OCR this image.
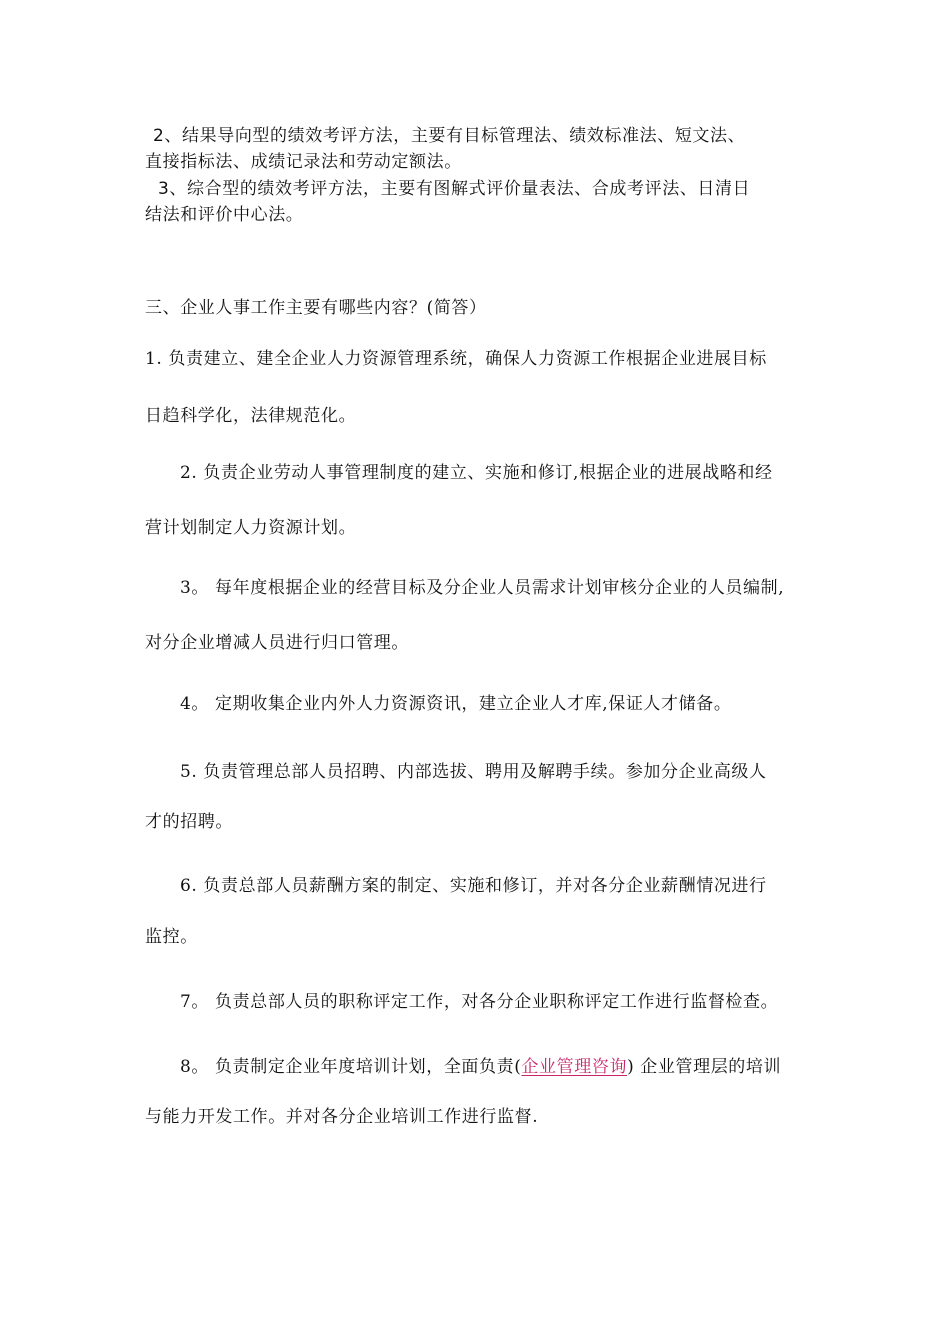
2、结果导向型的绩效考评方法，主要有目标管理法、绩效标准法、短文法、
直接指标法、成绩记录法和劳动定额法。
3、综合型的绩效考评方法，主要有图解式评价量表法、合成考评法、日清日
结法和评价中心法。
三、企业人事工作主要有哪些内容？(简答）
1. 负责建立、建全企业人力资源管理系统，确保人力资源工作根据企业进展目标
日趋科学化，法律规范化。
2. 负责企业劳动人事管理制度的建立、实施和修订,根据企业的进展战略和经
营计划制定人力资源计划。
3。 每年度根据企业的经营目标及分企业人员需求计划审核分企业的人员编制,
对分企业增减人员进行归口管理。
4。 定期收集企业内外人力资源资讯，建立企业人才库,保证人才储备。
5. 负责管理总部人员招聘、内部选拔、聘用及解聘手续。参加分企业高级人
才的招聘。
6. 负责总部人员薪酬方案的制定、实施和修订，并对各分企业薪酬情况进行
监控。
7。 负责总部人员的职称评定工作，对各分企业职称评定工作进行监督检查。
8。 负责制定企业年度培训计划，全面负责(企业管理咨询) 企业管理层的培训
与能力开发工作。并对各分企业培训工作进行监督.
